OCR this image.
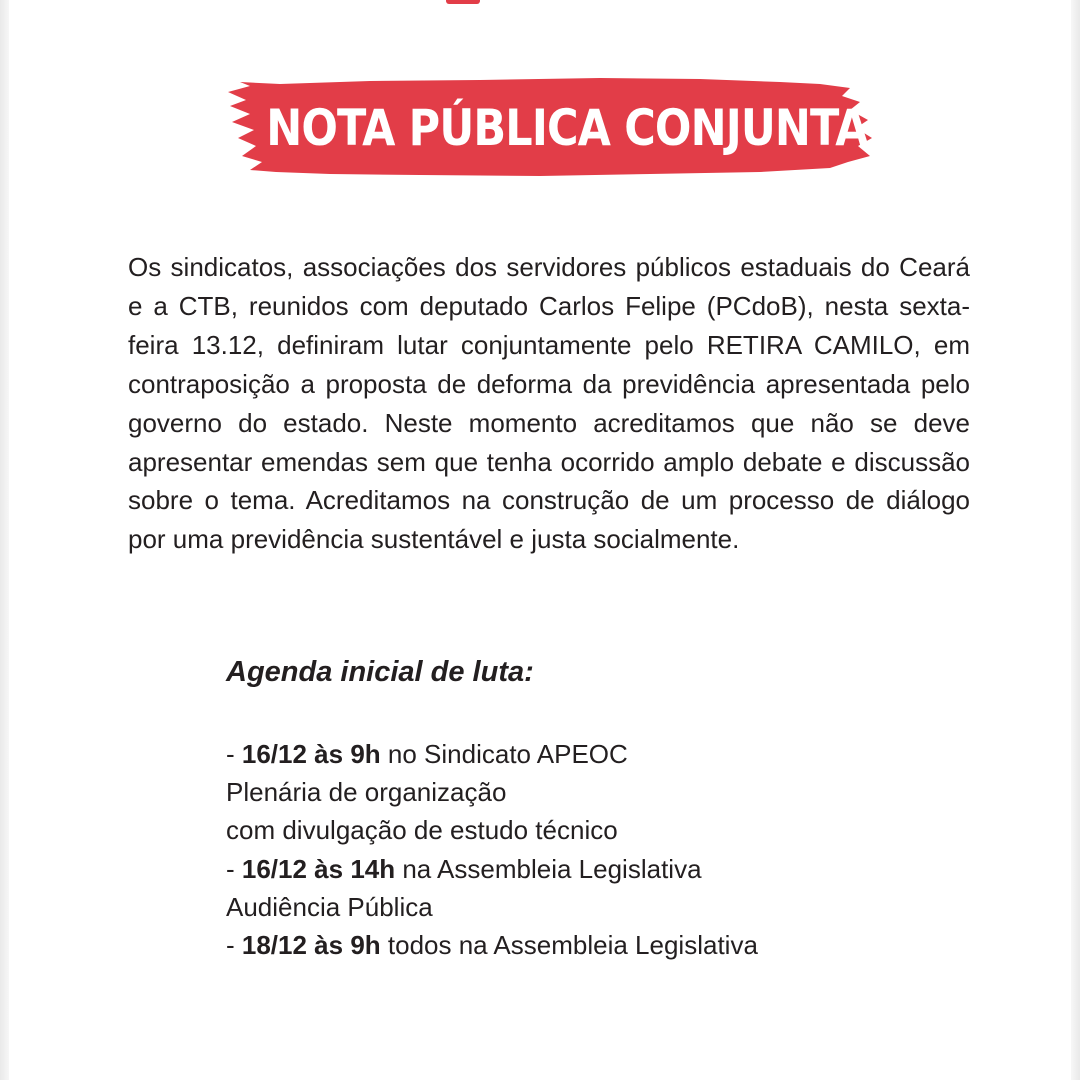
NOTA PÚBLICA CONJUNTA

Os sindicatos, associações dos servidores públicos estaduais do Ceará e a CTB, reunidos com deputado Carlos Felipe (PCdoB), nesta sexta-feira 13.12, definiram lutar conjuntamente pelo RETIRA CAMILO, em contraposição a proposta de deforma da previdência apresentada pelo governo do estado. Neste momento acreditamos que não se deve apresentar emendas sem que tenha ocorrido amplo debate e discussão sobre o tema. Acreditamos na construção de um processo de diálogo por uma previdência sustentável e justa socialmente.

Agenda inicial de luta:
- 16/12 às 9h no Sindicato APEOC
Plenária de organização
com divulgação de estudo técnico
- 16/12 às 14h na Assembleia Legislativa
Audiência Pública
- 18/12 às 9h todos na Assembleia Legislativa
